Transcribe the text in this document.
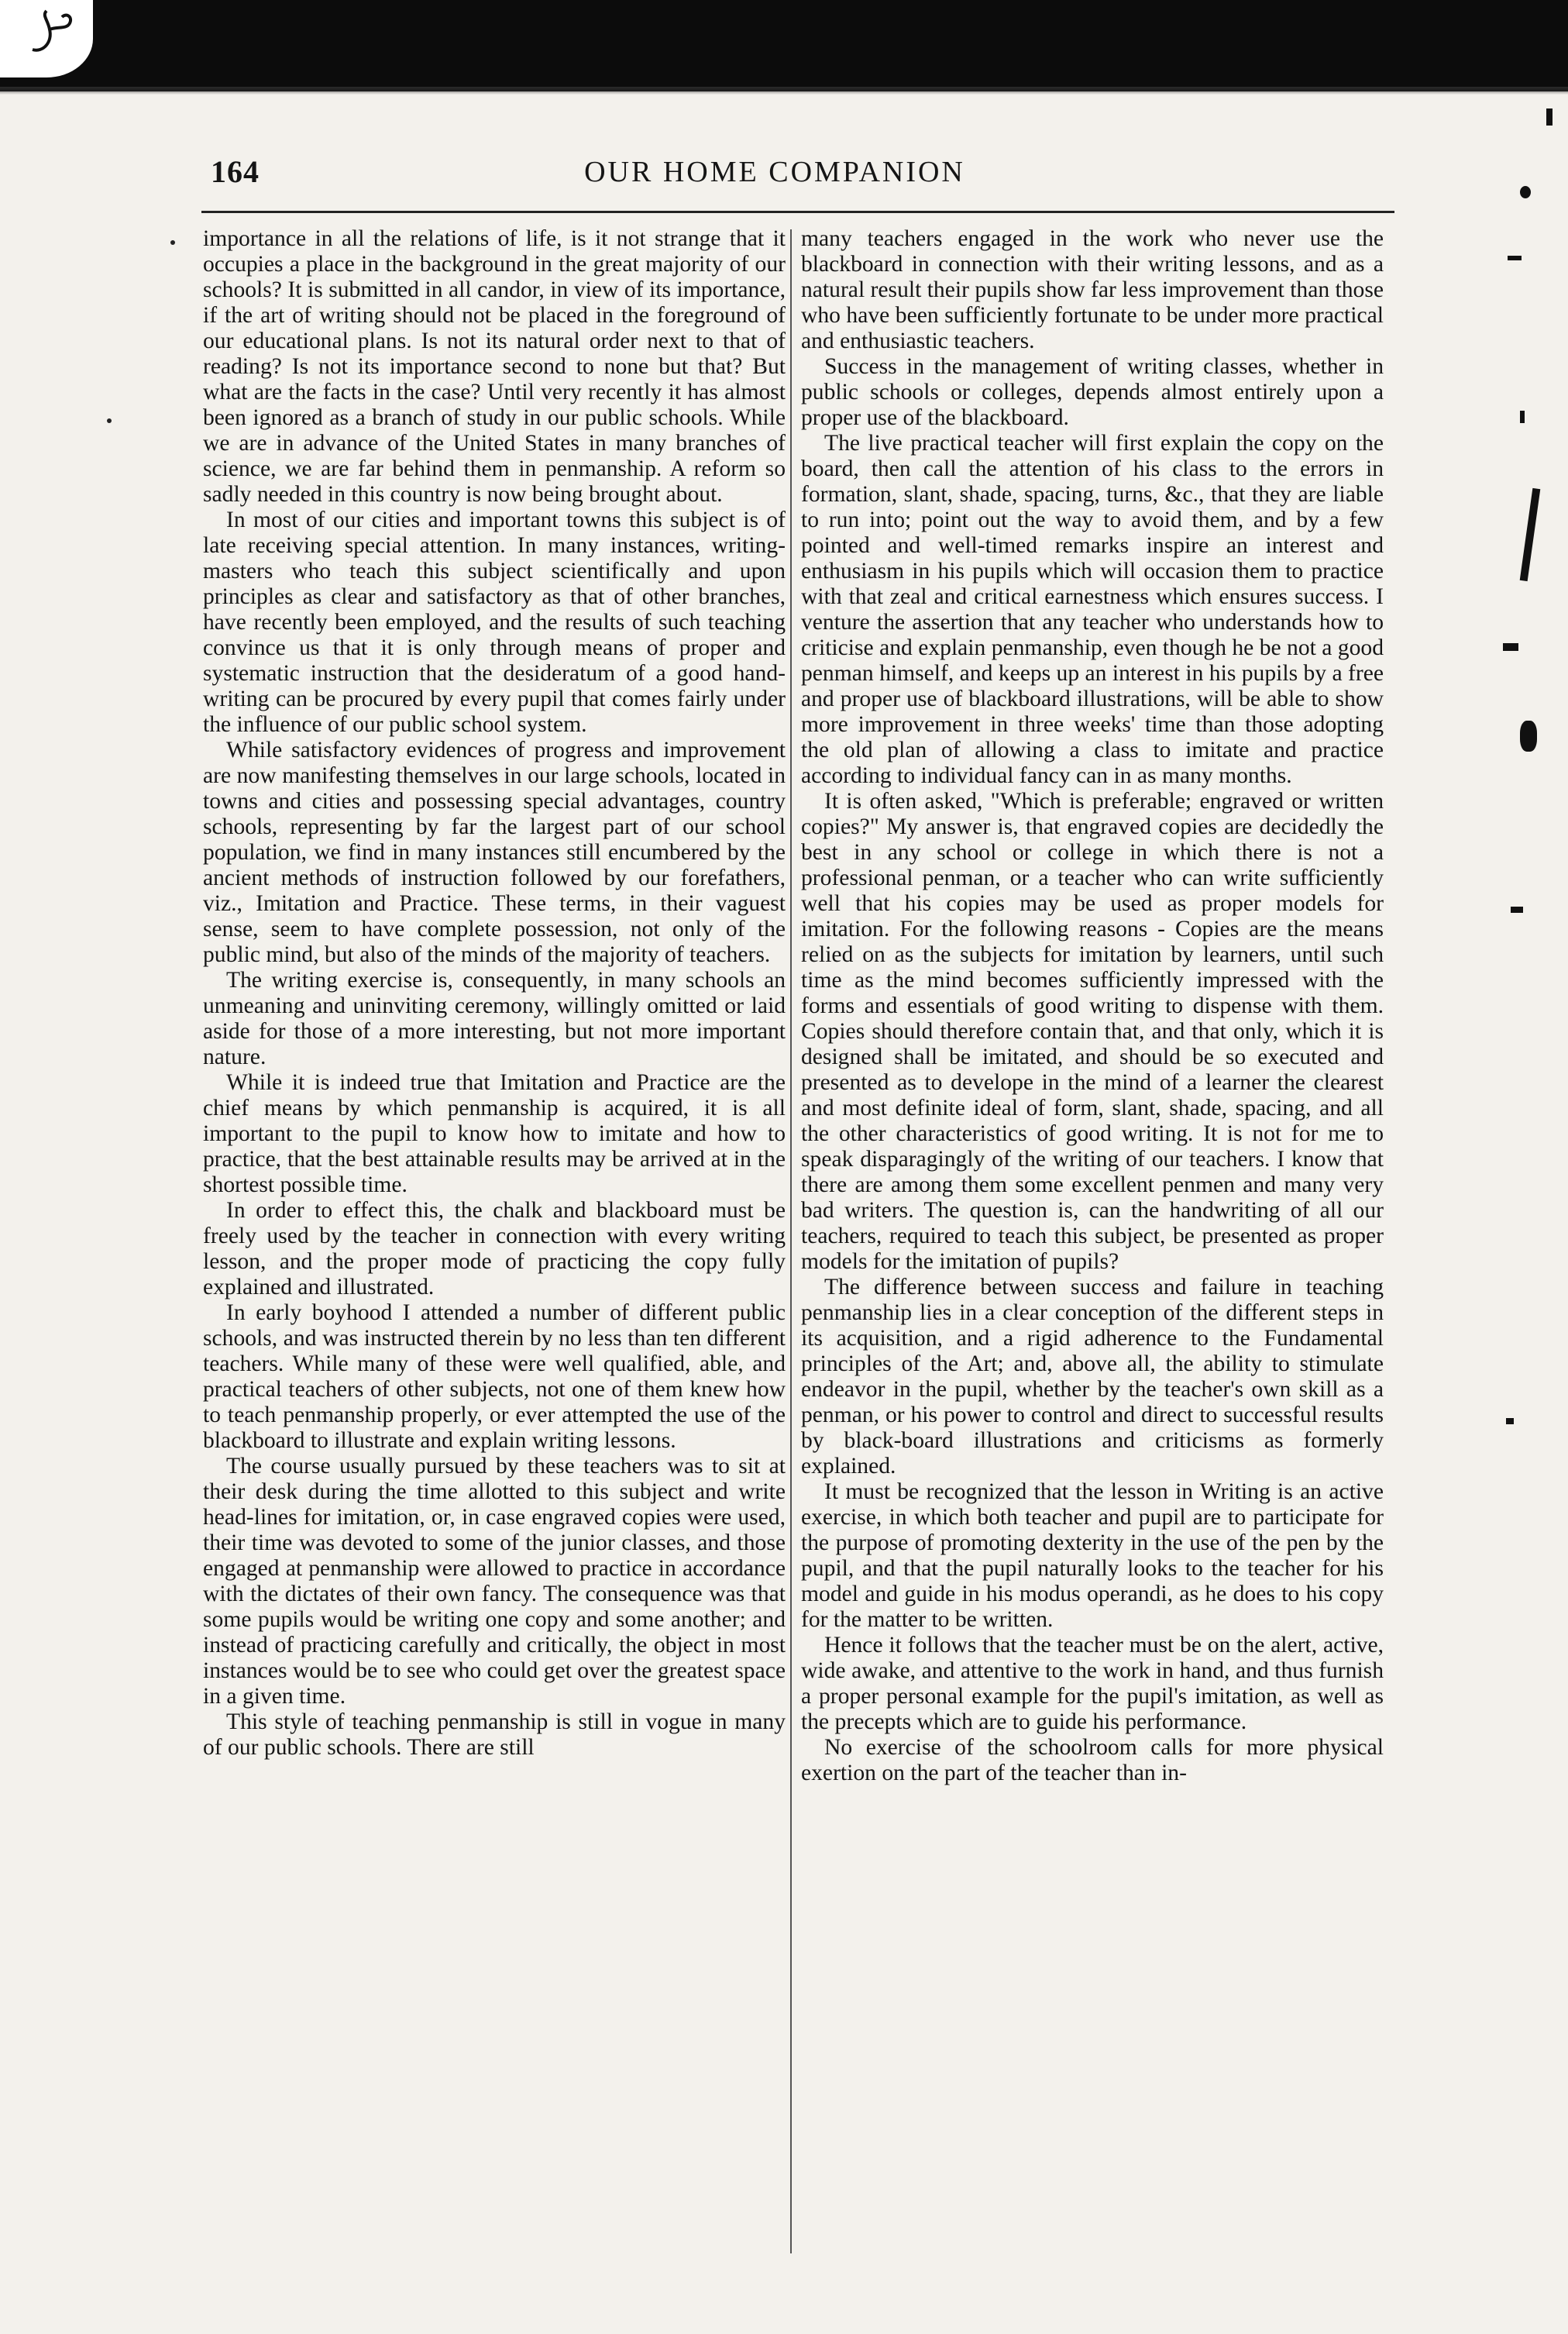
164	OUR HOME COMPANION

importance in all the relations of life, is it not strange that it occupies a place in the background in the great majority of our schools? It is submitted in all candor, in view of its importance, if the art of writing should not be placed in the foreground of our educational plans. Is not its natural order next to that of reading? Is not its importance second to none but that? But what are the facts in the case? Until very recently it has almost been ignored as a branch of study in our public schools. While we are in advance of the United States in many branches of science, we are far behind them in penmanship. A reform so sadly needed in this country is now being brought about.

In most of our cities and important towns this subject is of late receiving special attention. In many instances, writing-masters who teach this subject scientifically and upon principles as clear and satisfactory as that of other branches, have recently been employed, and the results of such teaching convince us that it is only through means of proper and systematic instruction that the desideratum of a good hand-writing can be procured by every pupil that comes fairly under the influence of our public school system.

While satisfactory evidences of progress and improvement are now manifesting themselves in our large schools, located in towns and cities and possessing special advantages, country schools, representing by far the largest part of our school population, we find in many instances still encumbered by the ancient methods of instruction followed by our forefathers, viz., Imitation and Practice. These terms, in their vaguest sense, seem to have complete possession, not only of the public mind, but also of the minds of the majority of teachers.

The writing exercise is, consequently, in many schools an unmeaning and uninviting ceremony, willingly omitted or laid aside for those of a more interesting, but not more important nature.

While it is indeed true that Imitation and Practice are the chief means by which penmanship is acquired, it is all important to the pupil to know how to imitate and how to practice, that the best attainable results may be arrived at in the shortest possible time.

In order to effect this, the chalk and blackboard must be freely used by the teacher in connection with every writing lesson, and the proper mode of practicing the copy fully explained and illustrated.

In early boyhood I attended a number of different public schools, and was instructed therein by no less than ten different teachers. While many of these were well qualified, able, and practical teachers of other subjects, not one of them knew how to teach penmanship properly, or ever attempted the use of the blackboard to illustrate and explain writing lessons.

The course usually pursued by these teachers was to sit at their desk during the time allotted to this subject and write head-lines for imitation, or, in case engraved copies were used, their time was devoted to some of the junior classes, and those engaged at penmanship were allowed to practice in accordance with the dictates of their own fancy. The consequence was that some pupils would be writing one copy and some another; and instead of practicing carefully and critically, the object in most instances would be to see who could get over the greatest space in a given time.

This style of teaching penmanship is still in vogue in many of our public schools. There are still

many teachers engaged in the work who never use the blackboard in connection with their writing lessons, and as a natural result their pupils show far less improvement than those who have been sufficiently fortunate to be under more practical and enthusiastic teachers.

Success in the management of writing classes, whether in public schools or colleges, depends almost entirely upon a proper use of the blackboard.

The live practical teacher will first explain the copy on the board, then call the attention of his class to the errors in formation, slant, shade, spacing, turns, &c., that they are liable to run into; point out the way to avoid them, and by a few pointed and well-timed remarks inspire an interest and enthusiasm in his pupils which will occasion them to practice with that zeal and critical earnestness which ensures success. I venture the assertion that any teacher who understands how to criticise and explain penmanship, even though he be not a good penman himself, and keeps up an interest in his pupils by a free and proper use of blackboard illustrations, will be able to show more improvement in three weeks' time than those adopting the old plan of allowing a class to imitate and practice according to individual fancy can in as many months.

It is often asked, "Which is preferable; engraved or written copies?" My answer is, that engraved copies are decidedly the best in any school or college in which there is not a professional penman, or a teacher who can write sufficiently well that his copies may be used as proper models for imitation. For the following reasons - Copies are the means relied on as the subjects for imitation by learners, until such time as the mind becomes sufficiently impressed with the forms and essentials of good writing to dispense with them. Copies should therefore contain that, and that only, which it is designed shall be imitated, and should be so executed and presented as to develope in the mind of a learner the clearest and most definite ideal of form, slant, shade, spacing, and all the other characteristics of good writing. It is not for me to speak disparagingly of the writing of our teachers. I know that there are among them some excellent penmen and many very bad writers. The question is, can the handwriting of all our teachers, required to teach this subject, be presented as proper models for the imitation of pupils?

The difference between success and failure in teaching penmanship lies in a clear conception of the different steps in its acquisition, and a rigid adherence to the Fundamental principles of the Art; and, above all, the ability to stimulate endeavor in the pupil, whether by the teacher's own skill as a penman, or his power to control and direct to successful results by black-board illustrations and criticisms as formerly explained.

It must be recognized that the lesson in Writing is an active exercise, in which both teacher and pupil are to participate for the purpose of promoting dexterity in the use of the pen by the pupil, and that the pupil naturally looks to the teacher for his model and guide in his modus operandi, as he does to his copy for the matter to be written.

Hence it follows that the teacher must be on the alert, active, wide awake, and attentive to the work in hand, and thus furnish a proper personal example for the pupil's imitation, as well as the precepts which are to guide his performance.

No exercise of the schoolroom calls for more physical exertion on the part of the teacher than in-
